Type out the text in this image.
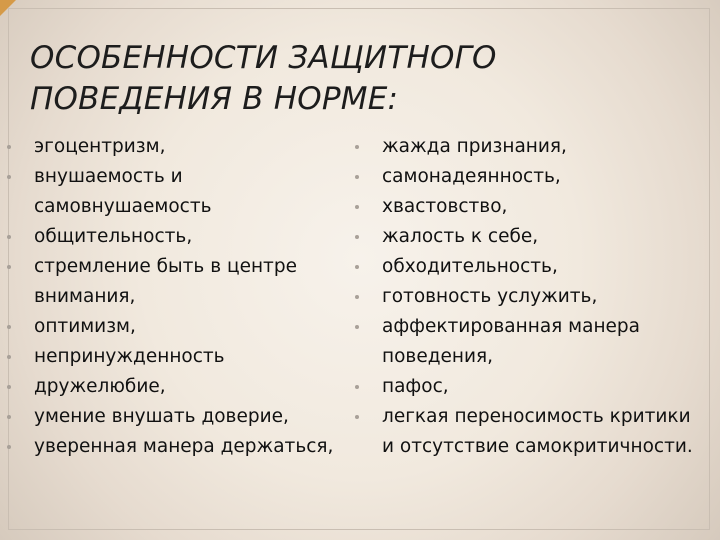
ОСОБЕННОСТИ ЗАЩИТНОГО ПОВЕДЕНИЯ В НОРМЕ:
эгоцентризм,
внушаемость и самовнушаемость
общительность,
стремление быть в центре внимания,
оптимизм,
непринужденность
дружелюбие,
умение внушать доверие,
уверенная манера держаться,
жажда признания,
самонадеянность,
хвастовство,
жалость к себе,
обходительность,
готовность услужить,
аффектированная манера поведения,
пафос,
легкая переносимость критики и отсутствие самокритичности.
